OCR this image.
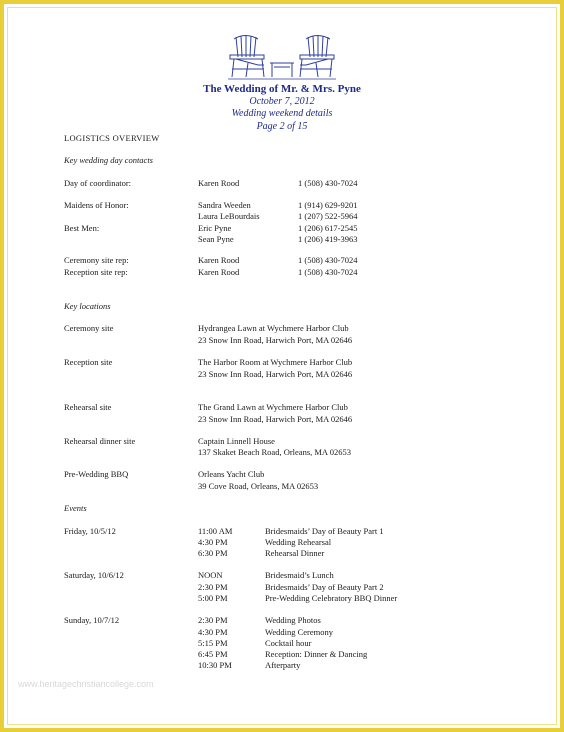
The Wedding of Mr. & Mrs. Pyne
October 7, 2012
Wedding weekend details
Page 2 of 15
LOGISTICS OVERVIEW
Key wedding day contacts
Day of coordinator:	Karen Rood	1 (508) 430-7024
Maidens of Honor:	Sandra Weeden	1 (914) 629-9201
Laura LeBourdais	1 (207) 522-5964
Best Men:	Eric Pyne	1 (206) 617-2545
Sean Pyne	1 (206) 419-3963
Ceremony site rep:	Karen Rood	1 (508) 430-7024
Reception site rep:	Karen Rood	1 (508) 430-7024
Key locations
Ceremony site	Hydrangea Lawn at Wychmere Harbor Club
23 Snow Inn Road, Harwich Port, MA 02646
Reception site	The Harbor Room at Wychmere Harbor Club
23 Snow Inn Road, Harwich Port, MA 02646
Rehearsal site	The Grand Lawn at Wychmere Harbor Club
23 Snow Inn Road, Harwich Port, MA 02646
Rehearsal dinner site	Captain Linnell House
137 Skaket Beach Road, Orleans, MA 02653
Pre-Wedding BBQ	Orleans Yacht Club
39 Cove Road, Orleans, MA 02653
Events
Friday, 10/5/12	11:00 AM	Bridesmaids’ Day of Beauty Part 1
4:30 PM	Wedding Rehearsal
6:30 PM	Rehearsal Dinner
Saturday, 10/6/12	NOON	Bridesmaid’s Lunch
2:30 PM	Bridesmaids’ Day of Beauty Part 2
5:00 PM	Pre-Wedding Celebratory BBQ Dinner
Sunday, 10/7/12	2:30 PM	Wedding Photos
4:30 PM	Wedding Ceremony
5:15 PM	Cocktail hour
6:45 PM	Reception: Dinner & Dancing
10:30 PM	Afterparty
www.heritagechristiancollege.com
